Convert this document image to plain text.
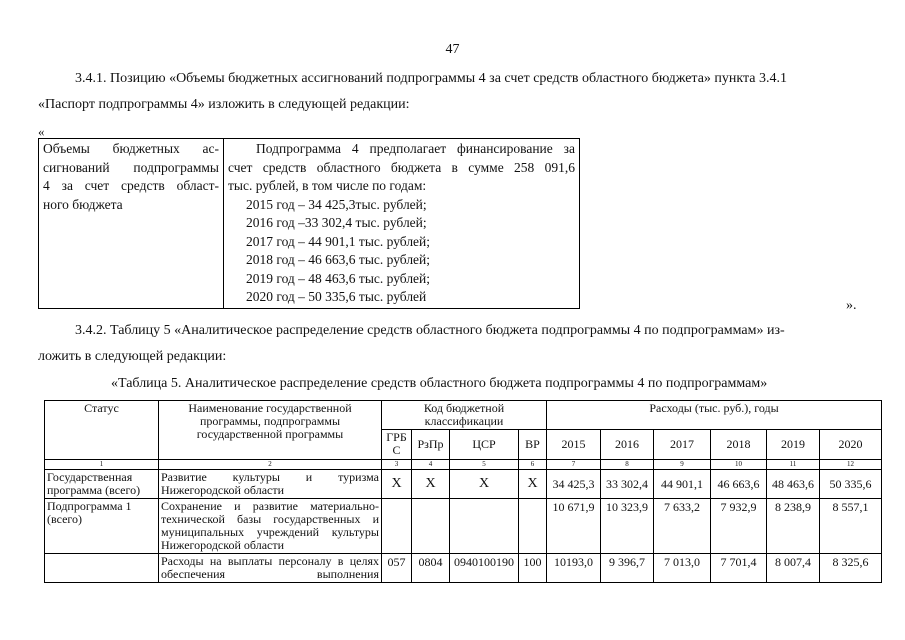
47
3.4.1. Позицию «Объемы бюджетных ассигнований подпрограммы 4 за счет средств областного бюджета» пункта 3.4.1
«Паспорт подпрограммы 4» изложить в следующей редакции:
«
Объемы бюджетных ас-
сигнований подпрограммы
4 за счет средств област-
ного бюджета

Подпрограмма 4 предполагает финансирование за
счет средств областного бюджета в сумме 258 091,6
тыс. рублей, в том числе по годам:
2015 год – 34 425,3тыс. рублей;
2016 год –33 302,4 тыс. рублей;
2017 год – 44 901,1 тыс. рублей;
2018 год – 46 663,6 тыс. рублей;
2019 год – 48 463,6 тыс. рублей;
2020 год – 50 335,6 тыс. рублей
».
3.4.2. Таблицу 5 «Аналитическое распределение средств областного бюджета подпрограммы 4 по подпрограммам» из-
ложить в следующей редакции:
«Таблица 5. Аналитическое распределение средств областного бюджета подпрограммы 4 по подпрограммам»
Статус	Наименование государственной программы, подпрограммы государственной программы	Код бюджетной классификации				Расходы (тыс. руб.), годы					
		ГРБ С	РзПр	ЦСР	ВР	2015	2016	2017	2018	2019	2020
1	2	3	4	5	6	7	8	9	10	11	12
Государственная программа (всего)	Развитие культуры и туризма Нижегородской области	Х	Х	Х	Х	34 425,3	33 302,4	44 901,1	46 663,6	48 463,6	50 335,6
Подпрограмма 1 (всего)	Сохранение и развитие материально-технической базы государственных и муниципальных учреждений культуры Нижегородской области					10 671,9	10 323,9	7 633,2	7 932,9	8 238,9	8 557,1
	Расходы на выплаты персоналу в целях обеспечения выполнения	057	0804	0940100190	100	10193,0	9 396,7	7 013,0	7 701,4	8 007,4	8 325,6
